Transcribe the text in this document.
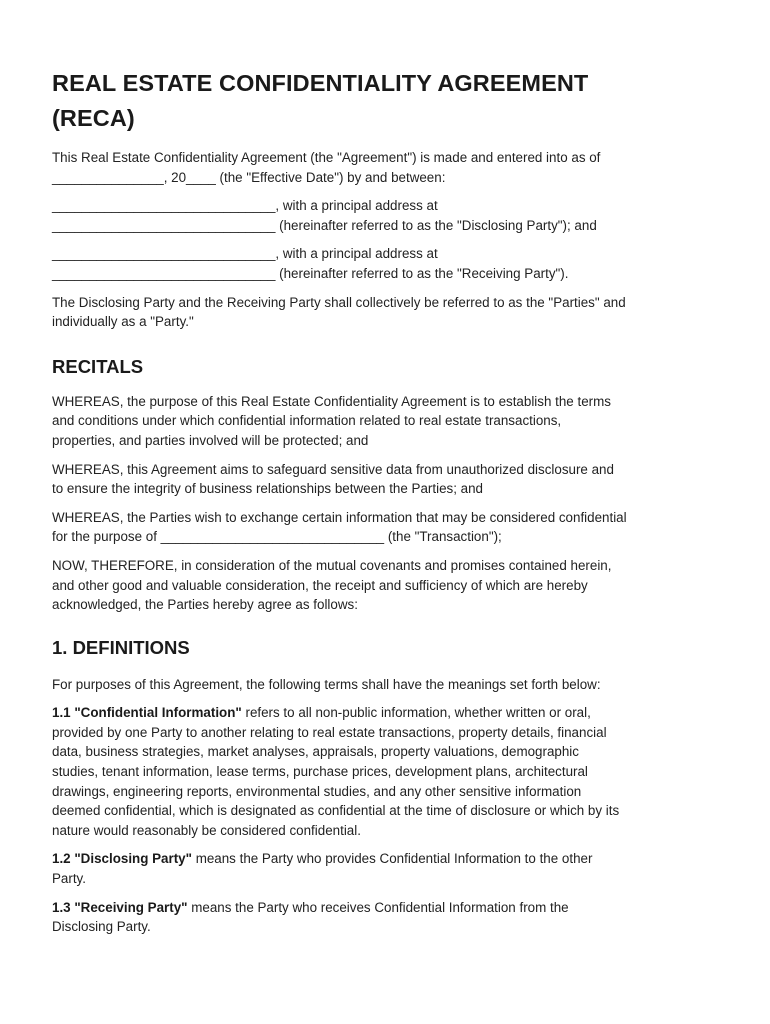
REAL ESTATE CONFIDENTIALITY AGREEMENT
(RECA)

This Real Estate Confidentiality Agreement (the "Agreement") is made and entered into as of
_______________, 20____ (the "Effective Date") by and between:

______________________________, with a principal address at
______________________________ (hereinafter referred to as the "Disclosing Party"); and

______________________________, with a principal address at
______________________________ (hereinafter referred to as the "Receiving Party").

The Disclosing Party and the Receiving Party shall collectively be referred to as the "Parties" and
individually as a "Party."

RECITALS

WHEREAS, the purpose of this Real Estate Confidentiality Agreement is to establish the terms
and conditions under which confidential information related to real estate transactions,
properties, and parties involved will be protected; and

WHEREAS, this Agreement aims to safeguard sensitive data from unauthorized disclosure and
to ensure the integrity of business relationships between the Parties; and

WHEREAS, the Parties wish to exchange certain information that may be considered confidential
for the purpose of ______________________________ (the "Transaction");

NOW, THEREFORE, in consideration of the mutual covenants and promises contained herein,
and other good and valuable consideration, the receipt and sufficiency of which are hereby
acknowledged, the Parties hereby agree as follows:

1. DEFINITIONS

For purposes of this Agreement, the following terms shall have the meanings set forth below:

1.1 "Confidential Information" refers to all non-public information, whether written or oral,
provided by one Party to another relating to real estate transactions, property details, financial
data, business strategies, market analyses, appraisals, property valuations, demographic
studies, tenant information, lease terms, purchase prices, development plans, architectural
drawings, engineering reports, environmental studies, and any other sensitive information
deemed confidential, which is designated as confidential at the time of disclosure or which by its
nature would reasonably be considered confidential.

1.2 "Disclosing Party" means the Party who provides Confidential Information to the other
Party.

1.3 "Receiving Party" means the Party who receives Confidential Information from the
Disclosing Party.
